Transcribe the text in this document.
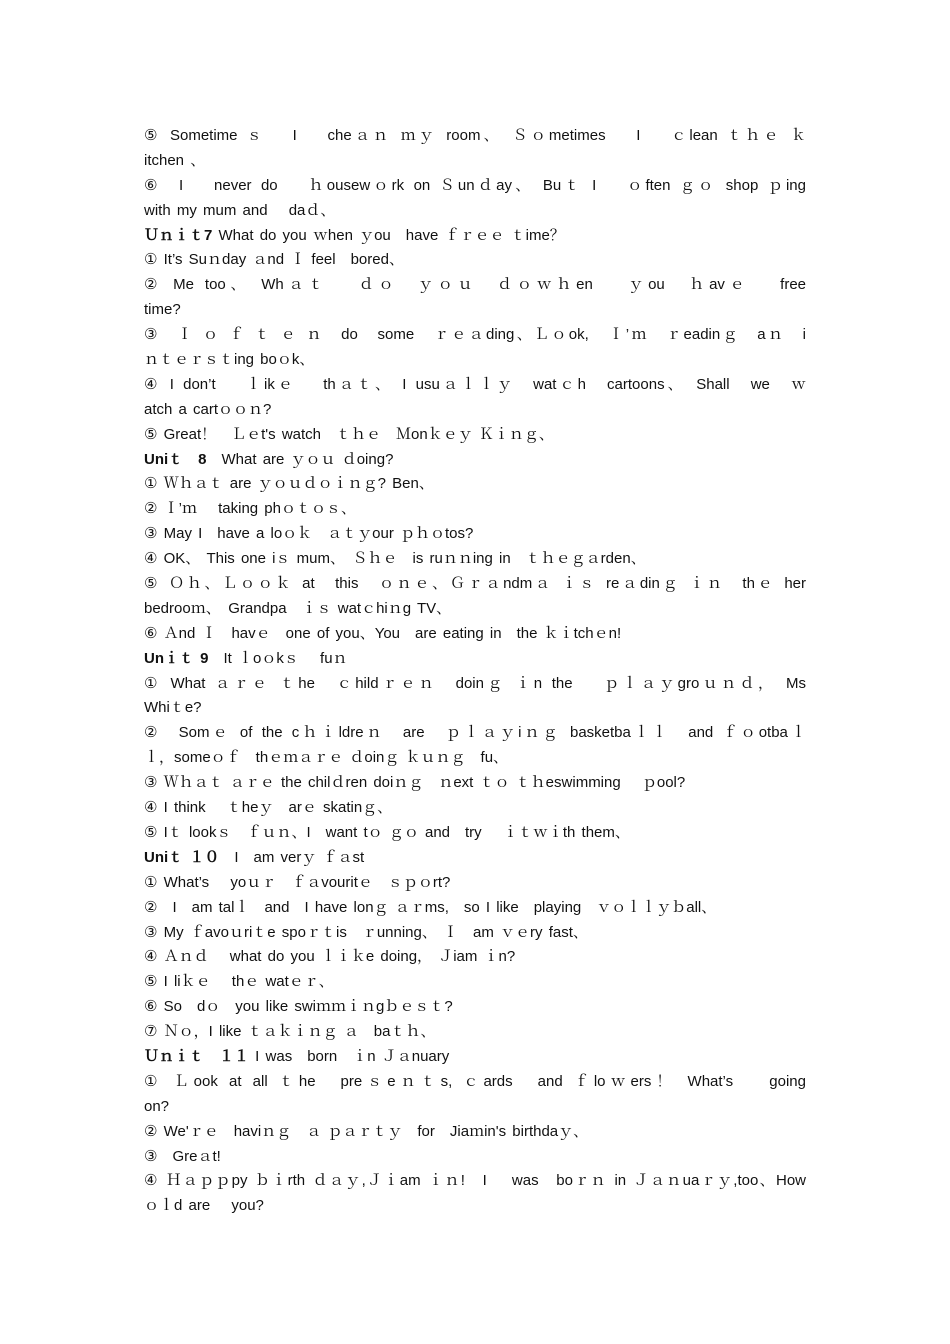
⑤ Sometime ｓ　 I　 cheａｎ ｍｙ room、　Ｓｏmetimes　 I　 ｃlean ｔｈｅ ｋ
itchen 、
⑥　I　 never do　 ｈousewｏrk on Ｓunｄay、 Buｔ I　 ｏften ｇｏ shop ｐing
with my mum and　 daｄ、
Ｕｎｉｔ7 What do you ｗhen ｙou　have ｆｒｅｅ ｔime？
① It’s Suｎday ａnd Ｉ feel　bored、
② Me too、 Whａｔ　 ｄｏ　ｙｏｕ　ｄｏｗｈen　 ｙou　ｈavｅ　 free
time?
③　Ｉ ｏ ｆ ｔ ｅ ｎ　do　some　ｒｅａding、Ｌｏok,　Ｉ’ｍ　ｒeadinｇ　aｎ　i
ｎｔｅｒｓｔing boｏk、
④ I don’t　 ｌikｅ　 thａｔ、 I usuａｌｌｙ　watｃh　cartoons、　Shall　we　ｗ
atch a cartｏｏｎ?
⑤ Great！　Ｌｅt's watch　ｔｈｅ　Ｍonｋｅｙ Ｋｉｎｇ、
Uniｔ　8　What are ｙｏｕ ｄoing?
① Ｗｈａｔ are ｙｏｕｄｏｉｎｇ? Ben、
② Ｉ’ｍ　 taking phｏｔｏｓ、
③ May I　have a loｏｋ　ａｔｙour ｐｈｏtos?
④ OK、 This one iｓ mum、　Ｓｈｅ　is ruｎｎing in　ｔｈｅｇａrden、
⑤ Ｏｈ、Ｌｏｏｋ at　this　ｏｎｅ、Ｇｒａndmａ ｉｓ reａdinｇ ｉｎ　thｅ her
bedrooｍ、　Grandpa　ｉｓ watｃhiｎg TV、
⑥ Ａnd Ｉ　havｅ　one of you、You　are eating in　the ｋｉtchｅn!
Unｉｔ 9　It ｌoｏkｓ　 fuｎ
① What ａｒｅ ｔhe　ｃhildｒｅｎ　doinｇ ｉn the　 ｐｌａｙgroｕｎｄ， Ms
Whiｔe?
②　Somｅ of the cｈｉldreｎ　are　ｐｌａｙiｎｇ basketbaｌｌ　and ｆｏotbaｌ
ｌ，someｏｆ　thｅｍａｒｅ ｄoinｇ ｋｕｎｇ　fu、
③ Ｗｈａｔ ａｒｅ the chilｄren doiｎｇ　ｎext ｔｏ ｔｈeswimming　 ｐool?
④ I think　 ｔheｙ　arｅ skatinｇ、
⑤ Iｔ lookｓ　ｆｕｎ、I　want tｏ ｇｏ and　try　 ｉｔｗｉth them、
Uniｔ １０　I　am verｙ ｆａst
① What’s　 yoｕｒ　ｆａvouritｅ　ｓｐｏrt?
②　I　am talｌ　and　I have lonｇ ａｒms,　so I like　playing　ｖｏｌｌｙｂall、
③ My ｆavoｕriｔe spoｒｔis　ｒunning、 Ｉ　am ｖｅry fast、
④ Ａｎｄ　 what do you ｌｉｋe doing， Ｊiam ｉn?
⑤ I liｋｅ　 thｅ watｅｒ、
⑥ So　dｏ　you like swiｍｍｉｎgｂｅｓｔ?
⑦ Ｎｏ，I like ｔａｋｉｎｇ ａ　baｔｈ、
Ｕｎｉｔ　１１ I was　born　ｉn Ｊａnuary
① Ｌook at all ｔhe　preｓeｎｔs, ｃards　and ｆloｗers！ What’s　 going
on?
② We'ｒｅ　haviｎｇ　ａ ｐａｒｔｙ　for　Jiaｍin's birthdaｙ、
③　Greａt!
④ Ｈａｐｐpy ｂｉrth ｄａｙ,Ｊｉam ｉｎ!　I　 was　boｒｎ in Ｊａｎuaｒｙ,too、How
ｏｌd are　 you?
